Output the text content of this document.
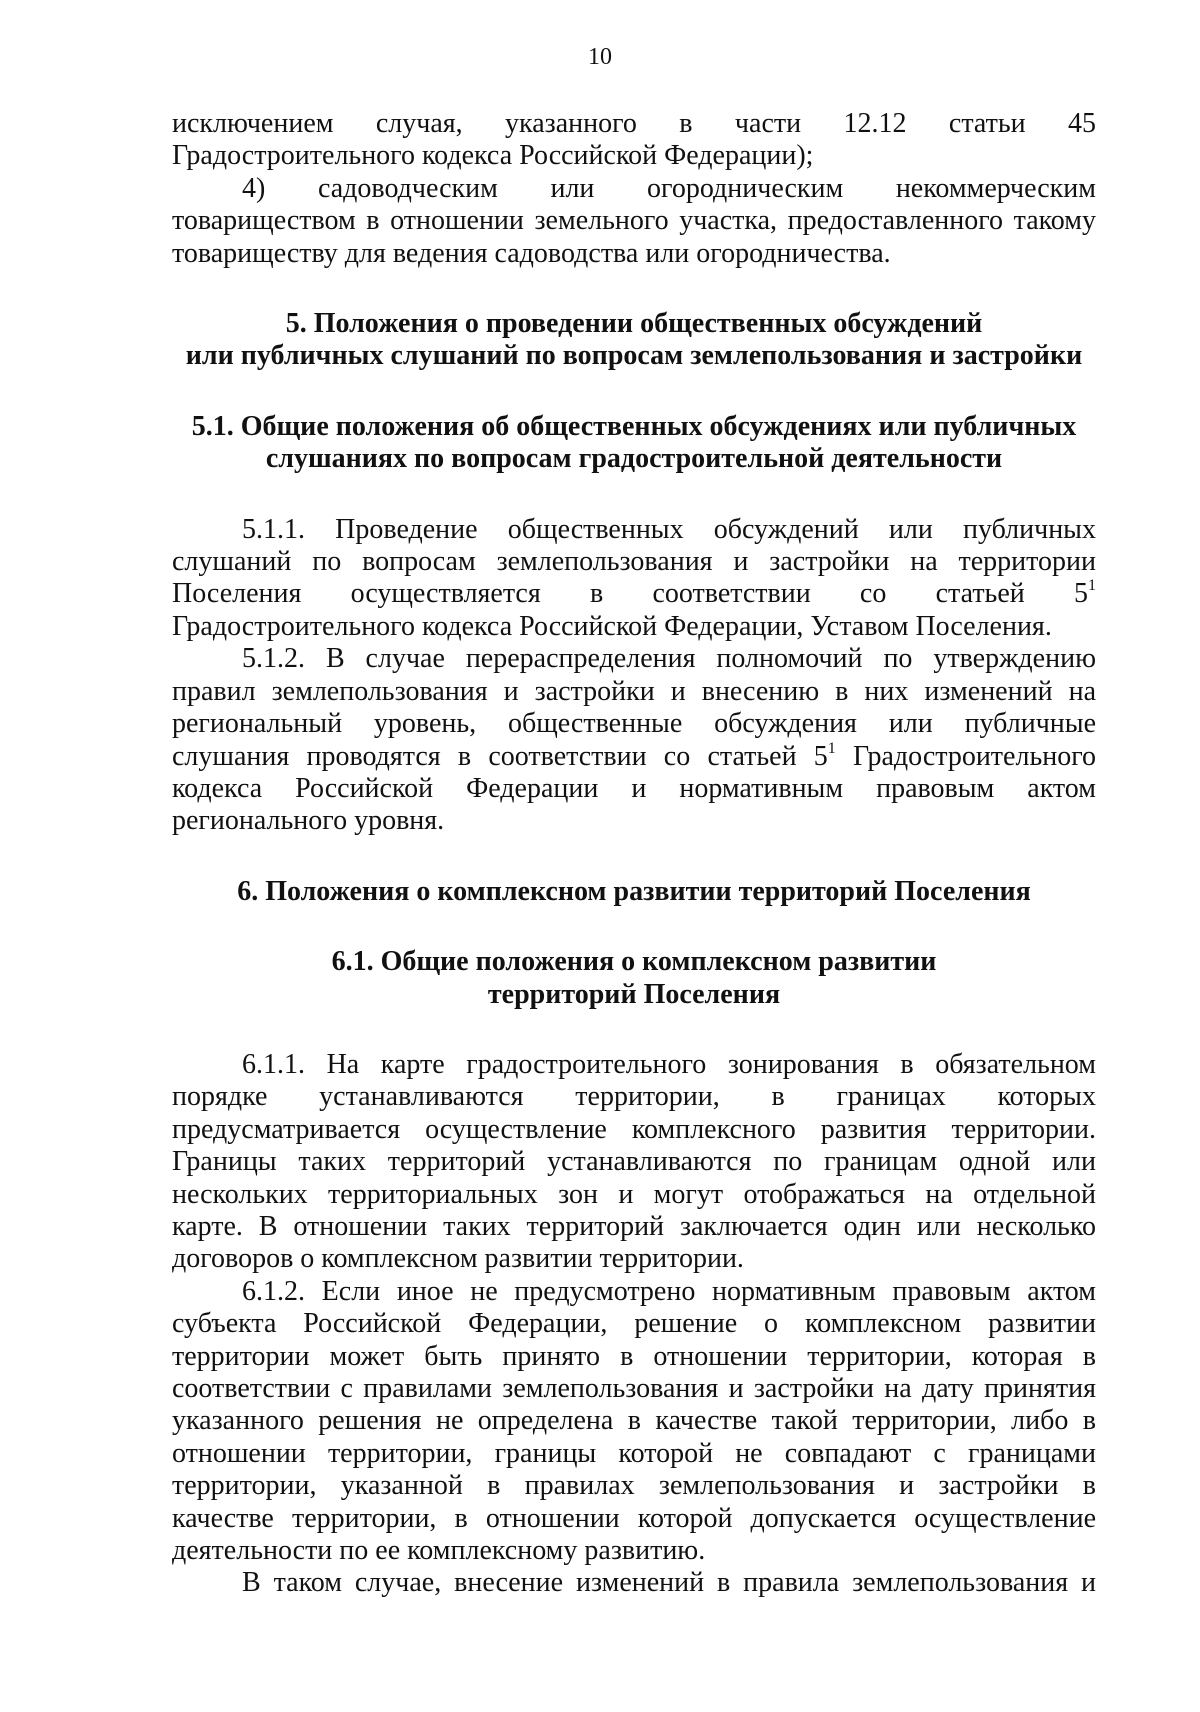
10
исключением случая, указанного в части 12.12 статьи 45
Градостроительного кодекса Российской Федерации);
4) садоводческим или огородническим некоммерческим
товариществом в отношении земельного участка, предоставленного такому
товариществу для ведения садоводства или огородничества.
5. Положения о проведении общественных обсуждений
или публичных слушаний по вопросам землепользования и застройки
5.1. Общие положения об общественных обсуждениях или публичных
слушаниях по вопросам градостроительной деятельности
5.1.1. Проведение общественных обсуждений или публичных
слушаний по вопросам землепользования и застройки на территории
Поселения осуществляется в соответствии со статьей $5^1$
Градостроительного кодекса Российской Федерации, Уставом Поселения.
5.1.2. В случае перераспределения полномочий по утверждению
правил землепользования и застройки и внесению в них изменений на
региональный уровень, общественные обсуждения или публичные
слушания проводятся в соответствии со статьей $5^1$ Градостроительного
кодекса Российской Федерации и нормативным правовым актом
регионального уровня.
6. Положения о комплексном развитии территорий Поселения
6.1. Общие положения о комплексном развитии
территорий Поселения
6.1.1. На карте градостроительного зонирования в обязательном
порядке устанавливаются территории, в границах которых
предусматривается осуществление комплексного развития территории.
Границы таких территорий устанавливаются по границам одной или
нескольких территориальных зон и могут отображаться на отдельной
карте. В отношении таких территорий заключается один или несколько
договоров о комплексном развитии территории.
6.1.2. Если иное не предусмотрено нормативным правовым актом
субъекта Российской Федерации, решение о комплексном развитии
территории может быть принято в отношении территории, которая в
соответствии с правилами землепользования и застройки на дату принятия
указанного решения не определена в качестве такой территории, либо в
отношении территории, границы которой не совпадают с границами
территории, указанной в правилах землепользования и застройки в
качестве территории, в отношении которой допускается осуществление
деятельности по ее комплексному развитию.
В таком случае, внесение изменений в правила землепользования и
